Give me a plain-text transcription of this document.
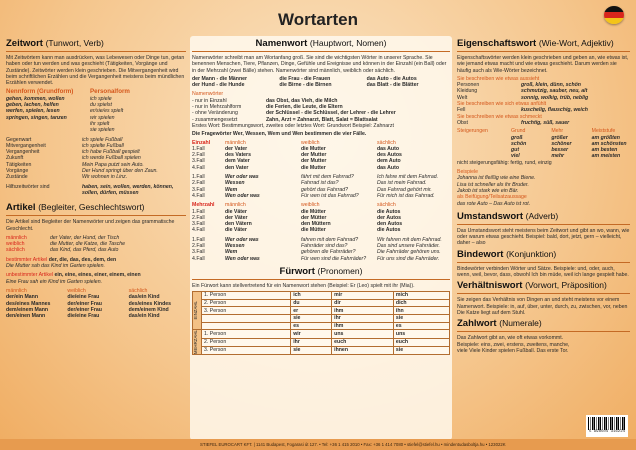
Wortarten
Zeitwort (Tunwort, Verb)

Mit Zeitwörtern kann man ausdrücken, was Lebewesen oder Dinge tun, getan haben oder tun werden und was geschieht (Tätigkeiten, Vorgänge und Zustände). Zeitwörter werden klein geschrieben. Die Mitvergangenheit wird beim schriftlichen Erzählen und die Vergangenheit meistens beim mündlichen Erzählen verwendet.

Nennform (Grundform)
gehen, kommen, wollen
geben, lachen, helfen
werfen, spielen, lesen
springen, singen, tanzen
Personalform
ich spiele
du spielst
er/sie/es spielt
wir spielen
ihr spielt
sie spielen
Gegenwart	ich spiele Fußball
Mitvergangenheit	ich spielte Fußball
Vergangenheit	ich habe Fußball gespielt
Zukunft	ich werde Fußball spielen
Tätigkeiten	Mein Papa putzt sein Auto.
Vorgänge	Der Hund springt über den Zaun.
Zustände	Wir wohnen in Linz.
Hilfszeitwörter sind	haben, sein, wollen, werden, können, sollen, dürfen, müssen
Artikel (Begleiter, Geschlechtswort)

Die Artikel sind Begleiter der Namenwörter und zeigen das grammatische Geschlecht.

männlich	der Vater, der Hund, der Tisch
weiblich	die Mutter, die Katze, die Tasche
sächlich	das Kind, das Pferd, das Auto
bestimmter Artikel der, die, das, des, dem, den
Die Mutter sah das Kind im Garten spielen.
unbestimmter Artikel ein, eine, eines, einer, einem, einen
Eine Frau sah ein Kind im Garten spielen.
männlich	weiblich	sächlich
der/ein Mann	die/eine Frau	das/ein Kind
des/eines Mannes	der/einer Frau	des/eines Kindes
dem/einem Mann	der/einer Frau	dem/einem Kind
den/einen Mann	die/eine Frau	das/ein Kind
Namenwort (Hauptwort, Nomen)

Namenwörter schreibt man am Wortanfang groß. Sie sind die wichtigsten Wörter in unserer Sprache. Sie benennen Menschen, Tiere, Pflanzen, Dinge, Gefühle und Ereignisse und können in der Einzahl (ein Ball) oder in der Mehrzahl (zwei Bälle) stehen. Namenwörter sind männlich, weiblich oder sächlich.

der Mann - die Männer	die Frau - die Frauen	das Auto - die Autos
der Hund - die Hunde	die Birne - die Birnen	das Blatt - die Blätter
Namenwörter
- nur in Einzahl	das Obst, das Vieh, die Milch
- nur in Mehrzahlform	die Ferien, die Leute, die Eltern
- ohne Veränderung	der Schlüssel - die Schlüssel, der Lehrer - die Lehrer
- zusammengesetzt	Zahn, Arzt = Zahnarzt, Blatt, Salat = Blattsalat

Erstes Wort: Bestimmungswort, zweites oder letztes Wort: Grundwort Beispiel: Zahnarzt

Die Fragewörter Wer, Wessen, Wem und Wen bestimmen die vier Fälle.

Einzahl	männlich	weiblich	sächlich
1.Fall	der Vater	die Mutter	das Auto
2.Fall	des Vaters	der Mutter	des Autos
3.Fall	dem Vater	der Mutter	dem Auto
4.Fall	den Vater	die Mutter	das Auto
1.Fall	Wer oder was	fährt mit dem Fahrrad?	Ich fahre mit dem Fahrrad.
2.Fall	Wessen	Fahrrad ist das?	Das ist mein Fahrrad.
3.Fall	Wem	gehört das Fahrrad?	Das Fahrrad gehört mir.
4.Fall	Wen oder was	Für wen ist das Fahrrad?	Für mich ist das Fahrrad.
Mehrzahl	männlich	weiblich	sächlich
1.Fall	die Väter	die Mütter	die Autos
2.Fall	der Väter	der Mütter	der Autos
3.Fall	den Vätern	den Müttern	den Autos
4.Fall	die Väter	die Mütter	die Autos
1.Fall	Wer oder was	fahren mit dem Fahrrad?	Wir fahren mit dem Fahrrad.
2.Fall	Wessen	Fahrräder sind das?	Das sind unsere Fahrräder.
3.Fall	Wem	gehören die Fahrräder?	Die Fahrräder gehören uns.
4.Fall	Wen oder was	Für wen sind die Fahrräder?	Für uns sind die Fahrräder.
Fürwort (Pronomen)

Ein Fürwort kann stellvertretend für ein Namenwort stehen (Beispiel: Er (Leo) spielt mit ihr (Mia)).

EINZAHL	1. Person	ich	mir	mich
	2. Person	du	dir	dich
	3. Person	er	ihm	ihn
		sie	ihr	sie
		es	ihm	es

MEHRZAHL	1. Person	wir	uns	uns
	2. Person	ihr	euch	euch
	3. Person	sie	ihnen	sie
Eigenschaftswort (Wie-Wort, Adjektiv)

Eigenschaftswörter werden klein geschrieben und geben an, wie etwas ist, wie jemand etwas macht und wie etwas geschieht. Darum werden sie häufig auch als Wie-Wörter bezeichnet.

Sie beschreiben wie etwas aussieht
Personen	groß, klein, dünn, schön
Kleidung	schmutzig, sauber, neu, alt
Welt	sonnig, wolkig, trüb, neblig
Sie beschreiben wie sich etwas anfühlt
Fell	kuschelig, flauschig, weich
Sie beschreiben wie etwas schmeckt
Obst	fruchtig, süß, sauer
Steigerungen	Grund	Mehr	Meiststufe
groß	größer	am größten
schön	schöner	am schönsten
gut	besser	am besten
viel	mehr	am meisten
nicht steigerungsfähig: fertig, rund, einzig
Beispiele
Johanna ist fleißig wie eine Biene.
Lisa ist schneller als ihr Bruder.
Jakob ist stark wie ein Bär.
als Beifügung/Teilsatzaussage
das rote Auto – Das Auto ist rot.
Umstandswort (Adverb)

Das Umstandswort steht meistens beim Zeitwort und gibt an wo, wann, wie oder warum etwas geschieht. Beispiel: bald, dort, jetzt, gern – vielleicht, daher – also

Bindewort (Konjunktion)

Bindewörter verbinden Wörter und Sätze. Beispiele: und, oder, auch, wenn, weil, bevor, dass, obwohl Ich bin müde, weil ich lange gespielt habe.

Verhältniswort (Vorwort, Präposition)

Sie zeigen das Verhältnis von Dingen an und steht meistens vor einem Namenwort. Beispiele: in, auf, über, unter, durch, zu, zwischen, vor, neben Die Katze liegt auf dem Stuhl.

Zahlwort (Numerale)

Das Zahlwort gibt an, wie oft etwas vorkommt. Beispiele: eins, zwei, erstens, zweitens, manche, viele Viele Kinder spielen Fußball. Das erste Tor.

5 998504 316224
STIEFEL EUROCART KFT. | 1141 Budapest, Fogarasi út 127. • Tel: +36 1 415 2010 • Fax: +36 1 414 7080 • stiefel@stiefel.hu • mindentudasboltja.hu • 123022K
